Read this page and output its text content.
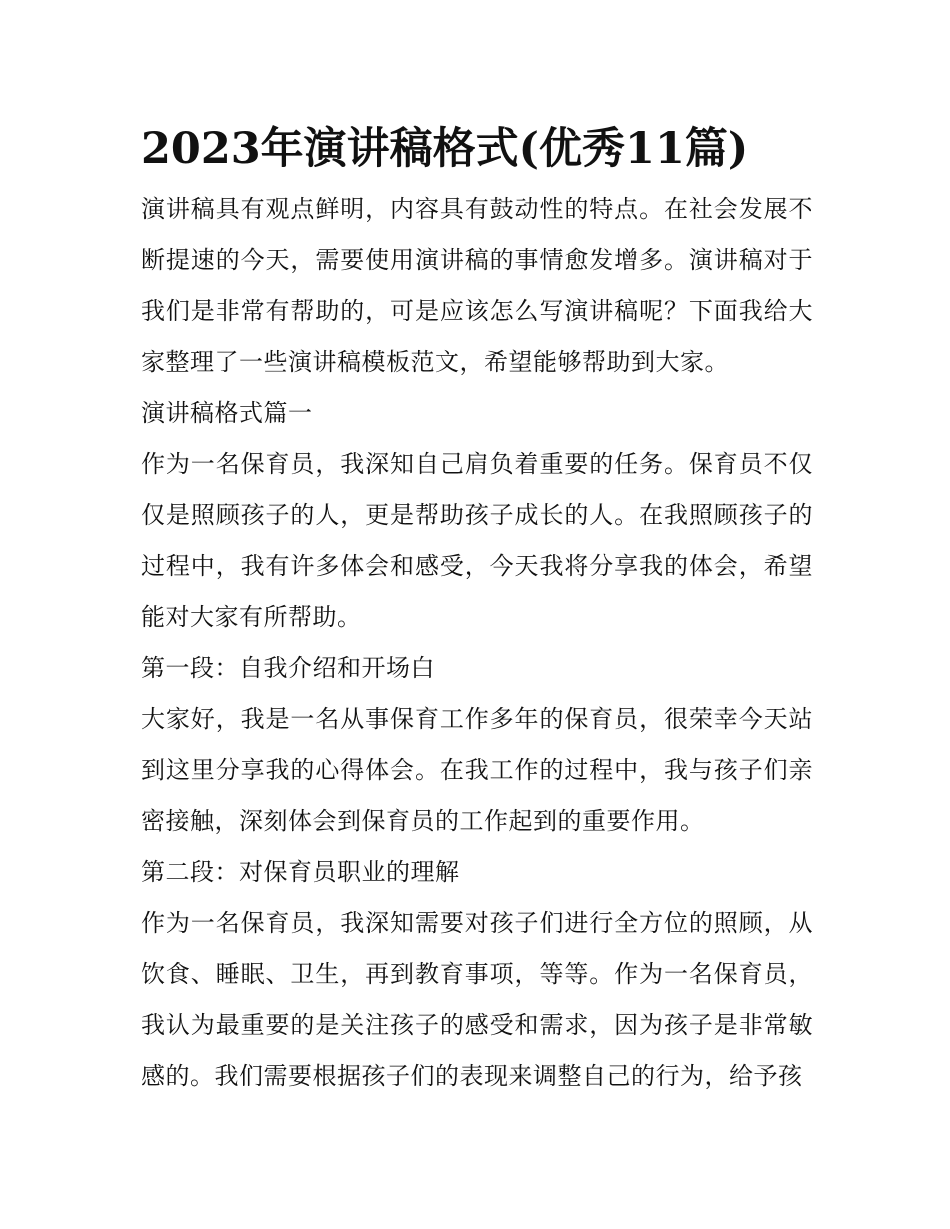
2023年演讲稿格式(优秀11篇)

演讲稿具有观点鲜明，内容具有鼓动性的特点。在社会发展不断提速的今天，需要使用演讲稿的事情愈发增多。演讲稿对于我们是非常有帮助的，可是应该怎么写演讲稿呢？下面我给大家整理了一些演讲稿模板范文，希望能够帮助到大家。

演讲稿格式篇一

作为一名保育员，我深知自己肩负着重要的任务。保育员不仅仅是照顾孩子的人，更是帮助孩子成长的人。在我照顾孩子的过程中，我有许多体会和感受，今天我将分享我的体会，希望能对大家有所帮助。

第一段：自我介绍和开场白

大家好，我是一名从事保育工作多年的保育员，很荣幸今天站到这里分享我的心得体会。在我工作的过程中，我与孩子们亲密接触，深刻体会到保育员的工作起到的重要作用。

第二段：对保育员职业的理解

作为一名保育员，我深知需要对孩子们进行全方位的照顾，从饮食、睡眠、卫生，再到教育事项，等等。作为一名保育员，我认为最重要的是关注孩子的感受和需求，因为孩子是非常敏感的。我们需要根据孩子们的表现来调整自己的行为，给予孩
